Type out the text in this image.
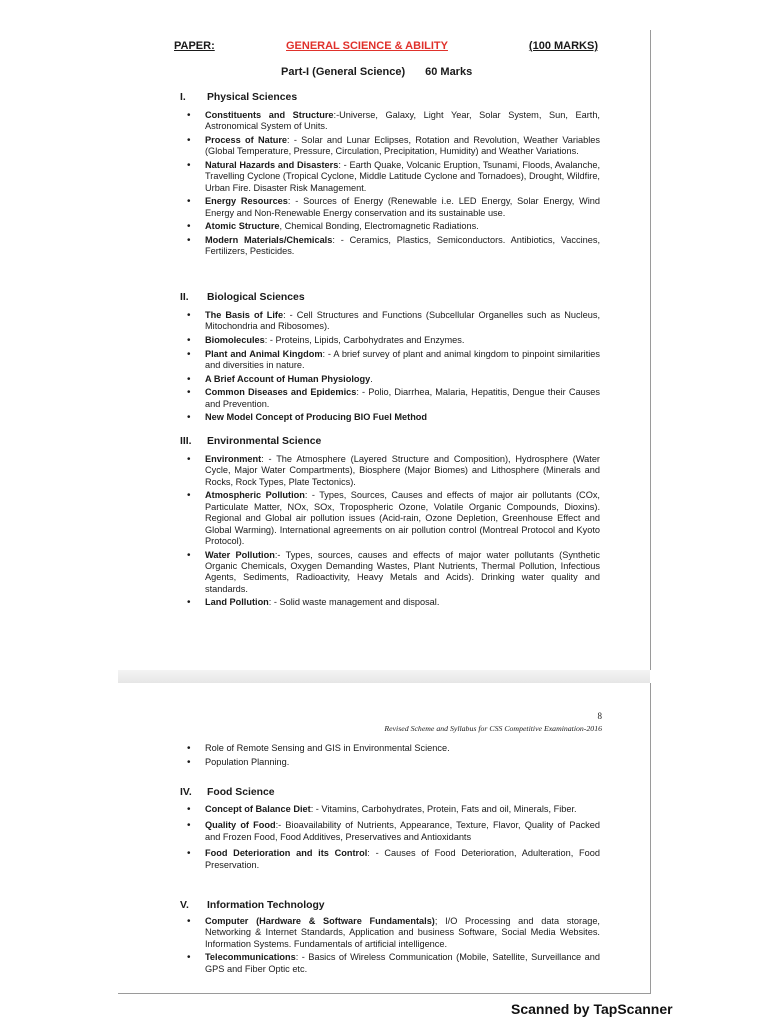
PAPER:	GENERAL SCIENCE & ABILITY	(100 MARKS)
Part-I (General Science) 60 Marks
I. Physical Sciences
• Constituents and Structure:-Universe, Galaxy, Light Year, Solar System, Sun, Earth, Astronomical System of Units.
• Process of Nature: - Solar and Lunar Eclipses, Rotation and Revolution, Weather Variables (Global Temperature, Pressure, Circulation, Precipitation, Humidity) and Weather Variations.
• Natural Hazards and Disasters: - Earth Quake, Volcanic Eruption, Tsunami, Floods, Avalanche, Travelling Cyclone (Tropical Cyclone, Middle Latitude Cyclone and Tornadoes), Drought, Wildfire, Urban Fire. Disaster Risk Management.
• Energy Resources: - Sources of Energy (Renewable i.e. LED Energy, Solar Energy, Wind Energy and Non-Renewable Energy conservation and its sustainable use.
• Atomic Structure, Chemical Bonding, Electromagnetic Radiations.
• Modern Materials/Chemicals: - Ceramics, Plastics, Semiconductors. Antibiotics, Vaccines, Fertilizers, Pesticides.
II. Biological Sciences
• The Basis of Life: - Cell Structures and Functions (Subcellular Organelles such as Nucleus, Mitochondria and Ribosomes).
• Biomolecules: - Proteins, Lipids, Carbohydrates and Enzymes.
• Plant and Animal Kingdom: - A brief survey of plant and animal kingdom to pinpoint similarities and diversities in nature.
• A Brief Account of Human Physiology.
• Common Diseases and Epidemics: - Polio, Diarrhea, Malaria, Hepatitis, Dengue their Causes and Prevention.
• New Model Concept of Producing BIO Fuel Method
III. Environmental Science
• Environment: - The Atmosphere (Layered Structure and Composition), Hydrosphere (Water Cycle, Major Water Compartments), Biosphere (Major Biomes) and Lithosphere (Minerals and Rocks, Rock Types, Plate Tectonics).
• Atmospheric Pollution: - Types, Sources, Causes and effects of major air pollutants (COx, Particulate Matter, NOx, SOx, Tropospheric Ozone, Volatile Organic Compounds, Dioxins). Regional and Global air pollution issues (Acid-rain, Ozone Depletion, Greenhouse Effect and Global Warming). International agreements on air pollution control (Montreal Protocol and Kyoto Protocol).
• Water Pollution:- Types, sources, causes and effects of major water pollutants (Synthetic Organic Chemicals, Oxygen Demanding Wastes, Plant Nutrients, Thermal Pollution, Infectious Agents, Sediments, Radioactivity, Heavy Metals and Acids). Drinking water quality and standards.
• Land Pollution: - Solid waste management and disposal.
8
Revised Scheme and Syllabus for CSS Competitive Examination-2016
• Role of Remote Sensing and GIS in Environmental Science.
• Population Planning.
IV. Food Science
• Concept of Balance Diet: - Vitamins, Carbohydrates, Protein, Fats and oil, Minerals, Fiber.
• Quality of Food:- Bioavailability of Nutrients, Appearance, Texture, Flavor, Quality of Packed and Frozen Food, Food Additives, Preservatives and Antioxidants
• Food Deterioration and its Control: - Causes of Food Deterioration, Adulteration, Food Preservation.
V. Information Technology
• Computer (Hardware & Software Fundamentals); I/O Processing and data storage, Networking & Internet Standards, Application and business Software, Social Media Websites. Information Systems. Fundamentals of artificial intelligence.
• Telecommunications: - Basics of Wireless Communication (Mobile, Satellite, Surveillance and GPS and Fiber Optic etc.
Scanned by TapScanner
